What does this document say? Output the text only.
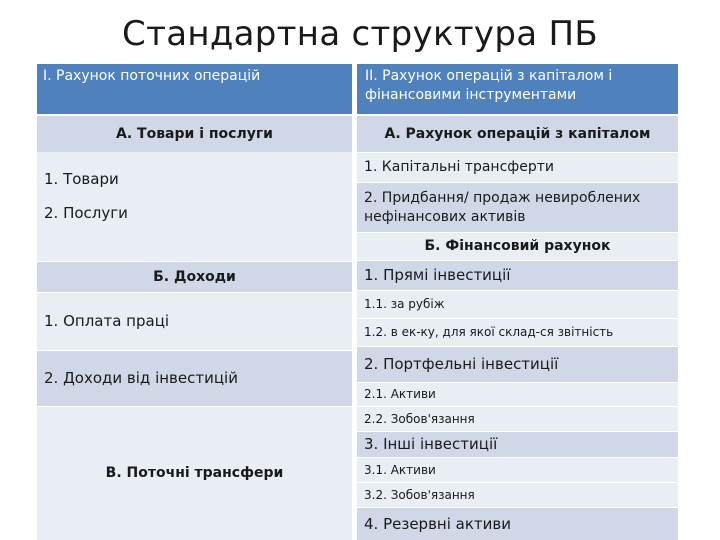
Стандартна структура ПБ
I. Рахунок поточних операцій
А. Товари і послуги
1. Товари
2. Послуги
Б. Доходи
1. Оплата праці
2. Доходи від інвестицій
В. Поточні трансфери
II. Рахунок операцій з капіталом і фінансовими інструментами
А. Рахунок операцій з капіталом
1. Капітальні трансферти
2. Придбання/ продаж невироблених нефінансових активів
Б. Фінансовий рахунок
1. Прямі інвестиції
1.1. за рубіж
1.2. в ек-ку, для якої склад-ся звітність
2. Портфельні інвестиції
2.1. Активи
2.2. Зобов'язання
3. Інші інвестиції
3.1. Активи
3.2. Зобов'язання
4. Резервні активи
